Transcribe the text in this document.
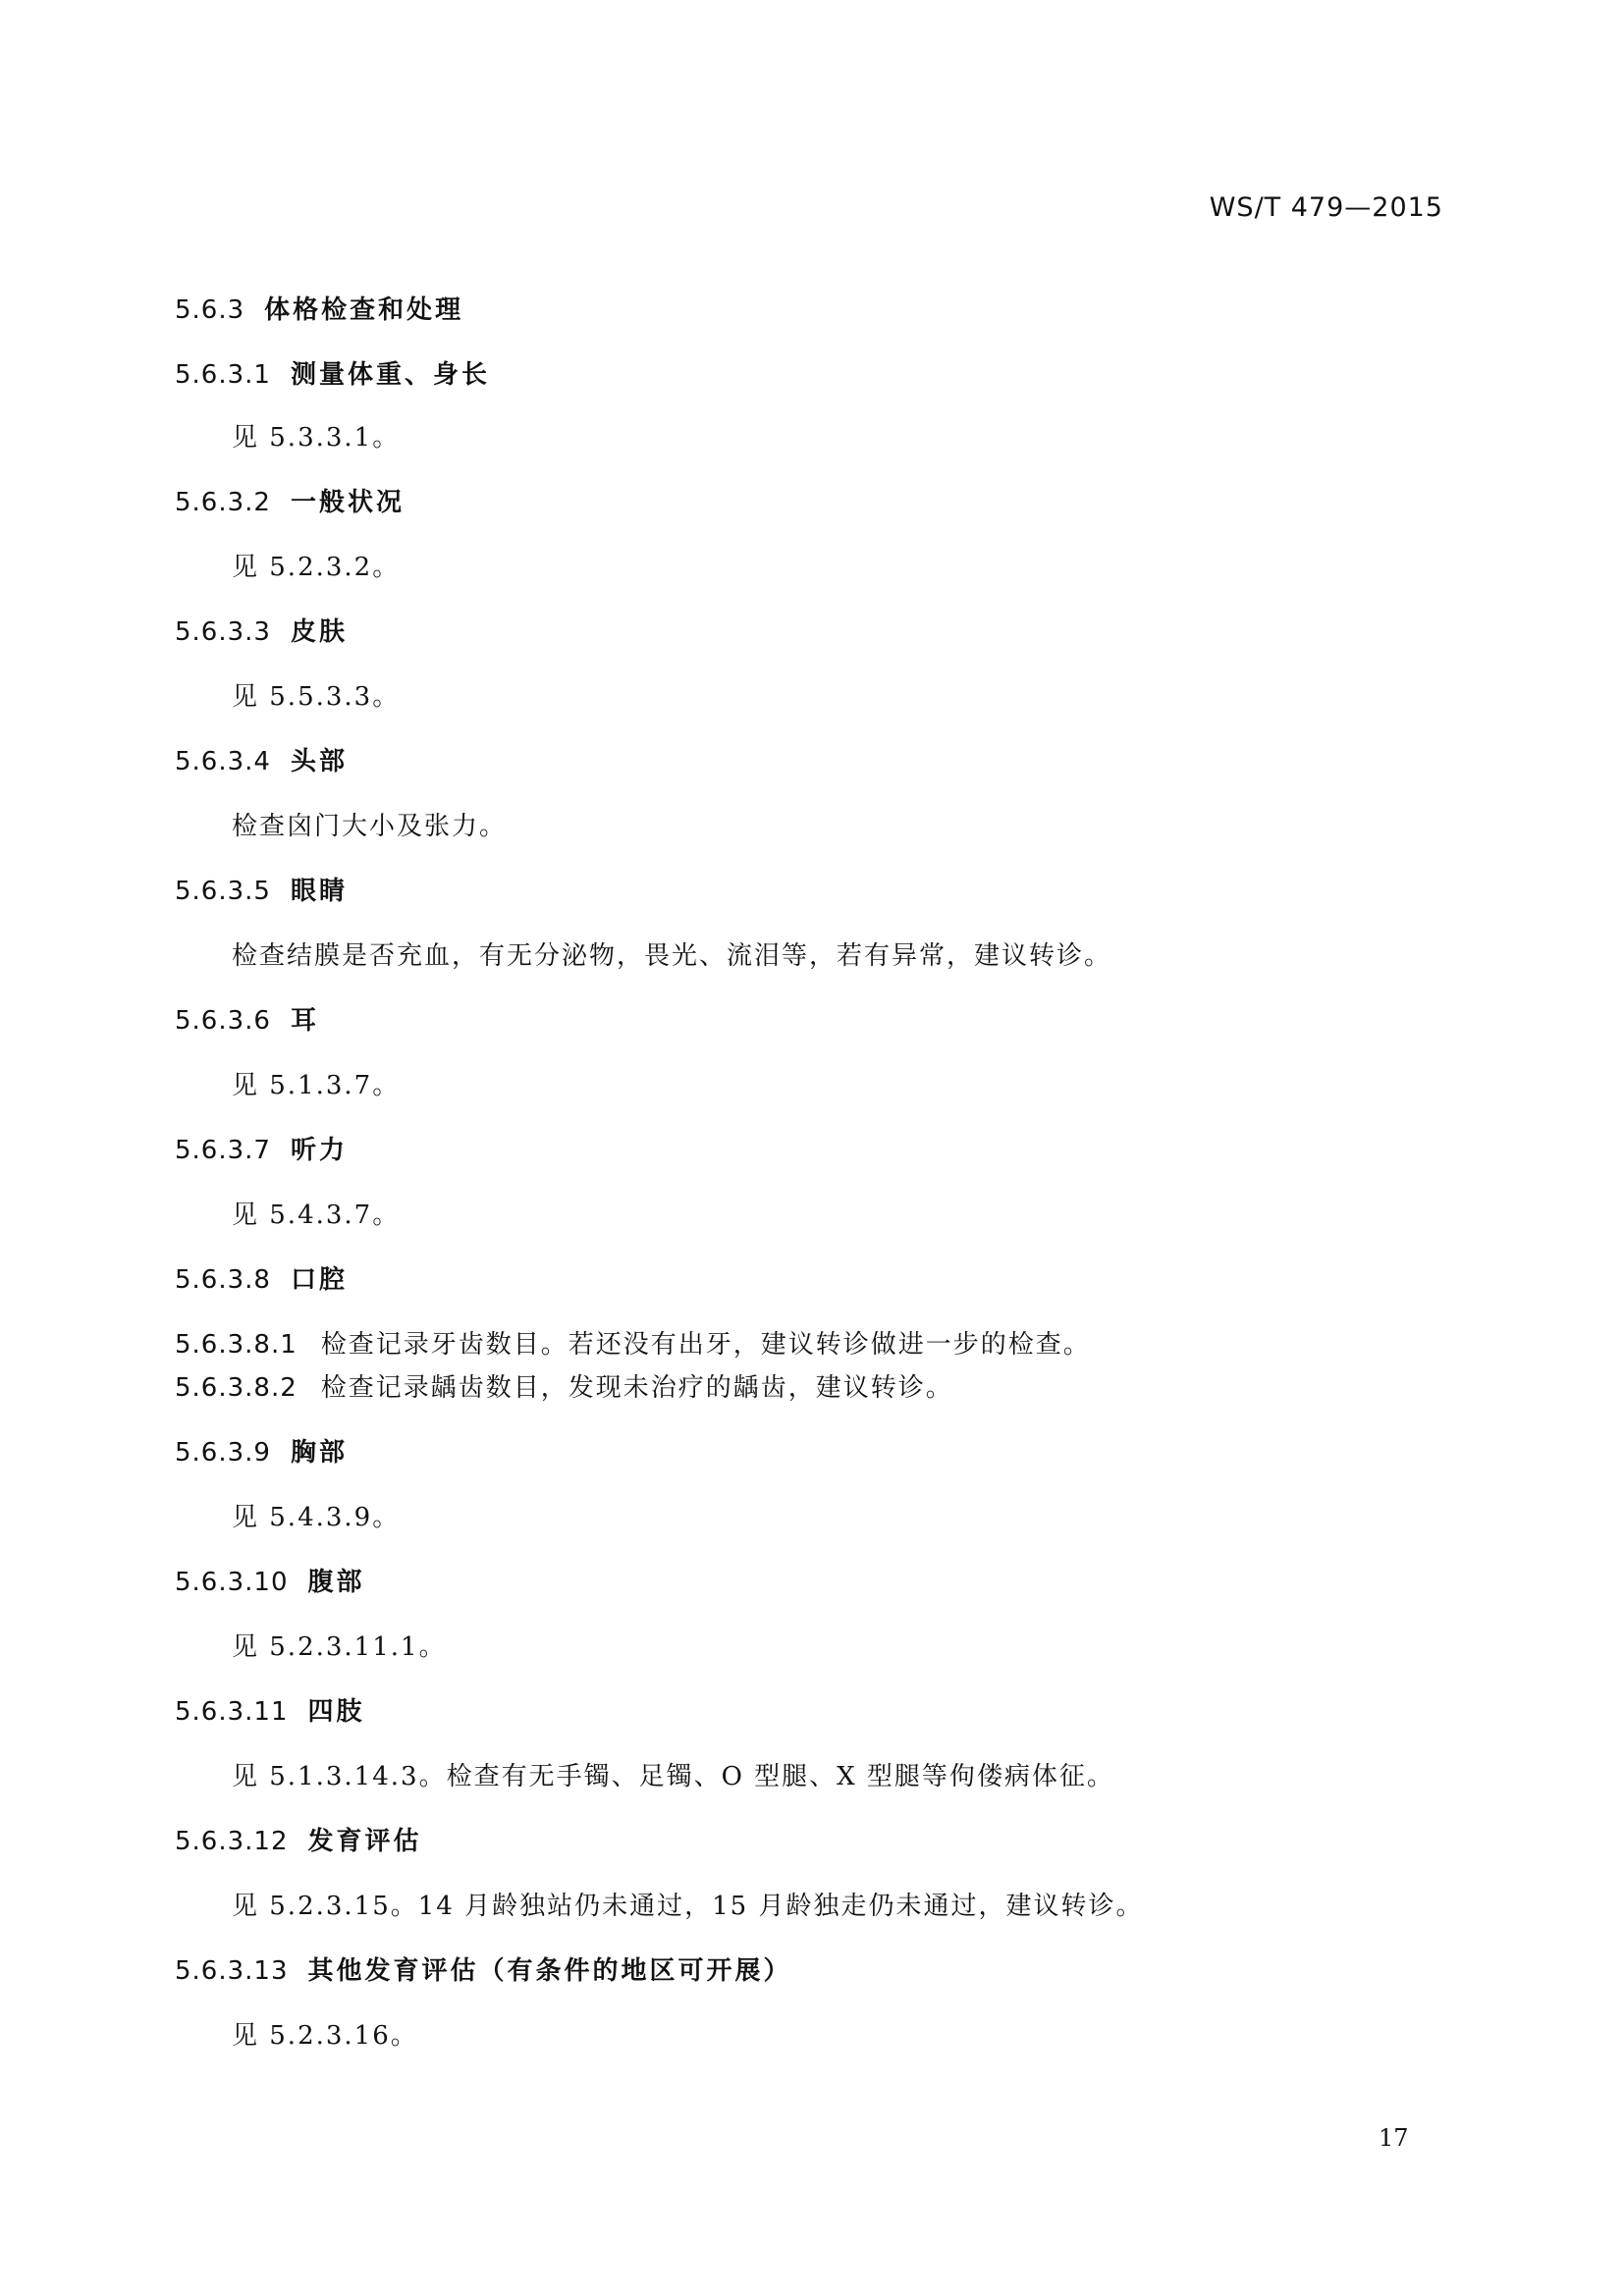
WS/T 479—2015
5.6.3 体格检查和处理
5.6.3.1 测量体重、身长
见 5.3.3.1。
5.6.3.2 一般状况
见 5.2.3.2。
5.6.3.3 皮肤
见 5.5.3.3。
5.6.3.4 头部
检查囟门大小及张力。
5.6.3.5 眼睛
检查结膜是否充血，有无分泌物，畏光、流泪等，若有异常，建议转诊。
5.6.3.6 耳
见 5.1.3.7。
5.6.3.7 听力
见 5.4.3.7。
5.6.3.8 口腔
5.6.3.8.1 检查记录牙齿数目。若还没有出牙，建议转诊做进一步的检查。
5.6.3.8.2 检查记录龋齿数目，发现未治疗的龋齿，建议转诊。
5.6.3.9 胸部
见 5.4.3.9。
5.6.3.10 腹部
见 5.2.3.11.1。
5.6.3.11 四肢
见 5.1.3.14.3。检查有无手镯、足镯、O 型腿、X 型腿等佝偻病体征。
5.6.3.12 发育评估
见 5.2.3.15。14 月龄独站仍未通过，15 月龄独走仍未通过，建议转诊。
5.6.3.13 其他发育评估（有条件的地区可开展）
见 5.2.3.16。
17
